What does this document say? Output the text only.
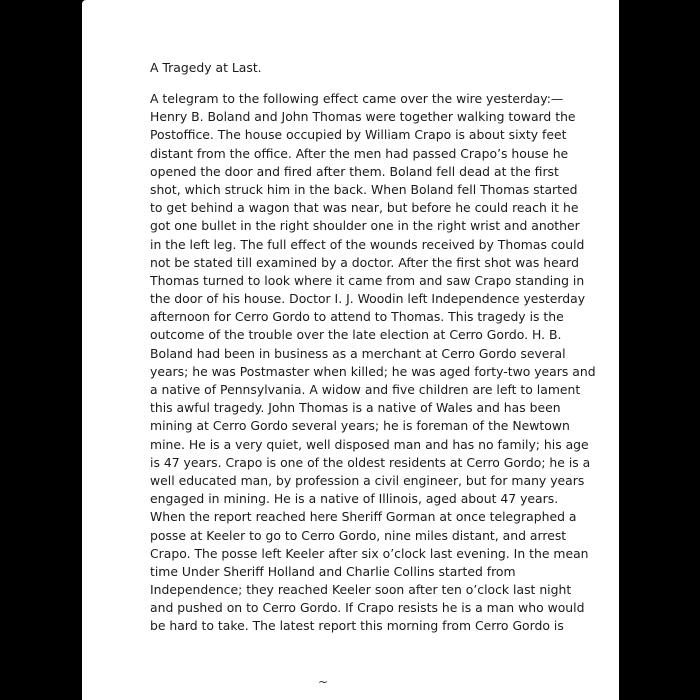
A Tragedy at Last.
A telegram to the following effect came over the wire yesterday:—
Henry B. Boland and John Thomas were together walking toward the
Postoffice. The house occupied by William Crapo is about sixty feet
distant from the office. After the men had passed Crapo’s house he
opened the door and fired after them. Boland fell dead at the first
shot, which struck him in the back. When Boland fell Thomas started
to get behind a wagon that was near, but before he could reach it he
got one bullet in the right shoulder one in the right wrist and another
in the left leg. The full effect of the wounds received by Thomas could
not be stated till examined by a doctor. After the first shot was heard
Thomas turned to look where it came from and saw Crapo standing in
the door of his house. Doctor I. J. Woodin left Independence yesterday
afternoon for Cerro Gordo to attend to Thomas. This tragedy is the
outcome of the trouble over the late election at Cerro Gordo. H. B.
Boland had been in business as a merchant at Cerro Gordo several
years; he was Postmaster when killed; he was aged forty-two years and
a native of Pennsylvania. A widow and five children are left to lament
this awful tragedy. John Thomas is a native of Wales and has been
mining at Cerro Gordo several years; he is foreman of the Newtown
mine. He is a very quiet, well disposed man and has no family; his age
is 47 years. Crapo is one of the oldest residents at Cerro Gordo; he is a
well educated man, by profession a civil engineer, but for many years
engaged in mining. He is a native of Illinois, aged about 47 years.
When the report reached here Sheriff Gorman at once telegraphed a
posse at Keeler to go to Cerro Gordo, nine miles distant, and arrest
Crapo. The posse left Keeler after six o’clock last evening. In the mean
time Under Sheriff Holland and Charlie Collins started from
Independence; they reached Keeler soon after ten o’clock last night
and pushed on to Cerro Gordo. If Crapo resists he is a man who would
be hard to take. The latest report this morning from Cerro Gordo is
~
